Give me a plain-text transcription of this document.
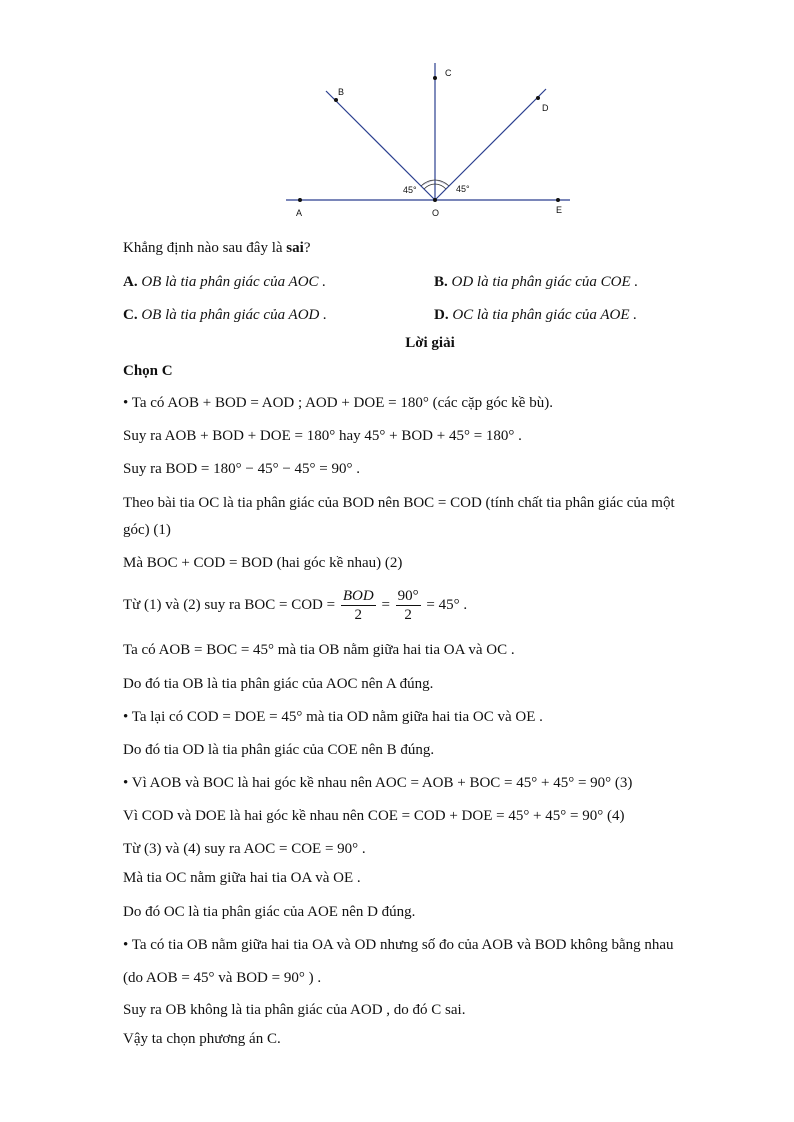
A	O	E
C
B
D
45°	45°
Khẳng định nào sau đây là sai?
A. OB là tia phân giác của AOC .	B. OD là tia phân giác của COE .
C. OB là tia phân giác của AOD .	D. OC là tia phân giác của AOE .
Lời giải
Chọn C
• Ta có AOB + BOD = AOD ; AOD + DOE = 180° (các cặp góc kề bù).
Suy ra AOB + BOD + DOE = 180° hay 45° + BOD + 45° = 180° .
Suy ra BOD = 180° − 45° − 45° = 90° .
Theo bài tia OC là tia phân giác của BOD nên BOC = COD (tính chất tia phân giác của một
góc) (1)
Mà BOC + COD = BOD (hai góc kề nhau) (2)
Từ (1) và (2) suy ra BOC = COD = $\frac{\text{BOD}}{2} = \frac{90^\circ}{2} = 45^\circ$ .
Ta có AOB = BOC = 45° mà tia OB nằm giữa hai tia OA và OC .
Do đó tia OB là tia phân giác của AOC nên A đúng.
• Ta lại có COD = DOE = 45° mà tia OD nằm giữa hai tia OC và OE .
Do đó tia OD là tia phân giác của COE nên B đúng.
• Vì AOB và BOC là hai góc kề nhau nên AOC = AOB + BOC = 45° + 45° = 90° (3)
Vì COD và DOE là hai góc kề nhau nên COE = COD + DOE = 45° + 45° = 90° (4)
Từ (3) và (4) suy ra AOC = COE = 90° .
Mà tia OC nằm giữa hai tia OA và OE .
Do đó OC là tia phân giác của AOE nên D đúng.
• Ta có tia OB nằm giữa hai tia OA và OD nhưng số đo của AOB và BOD không bằng nhau
(do AOB = 45° và BOD = 90° ) .
Suy ra OB không là tia phân giác của AOD , do đó C sai.
Vậy ta chọn phương án C.
